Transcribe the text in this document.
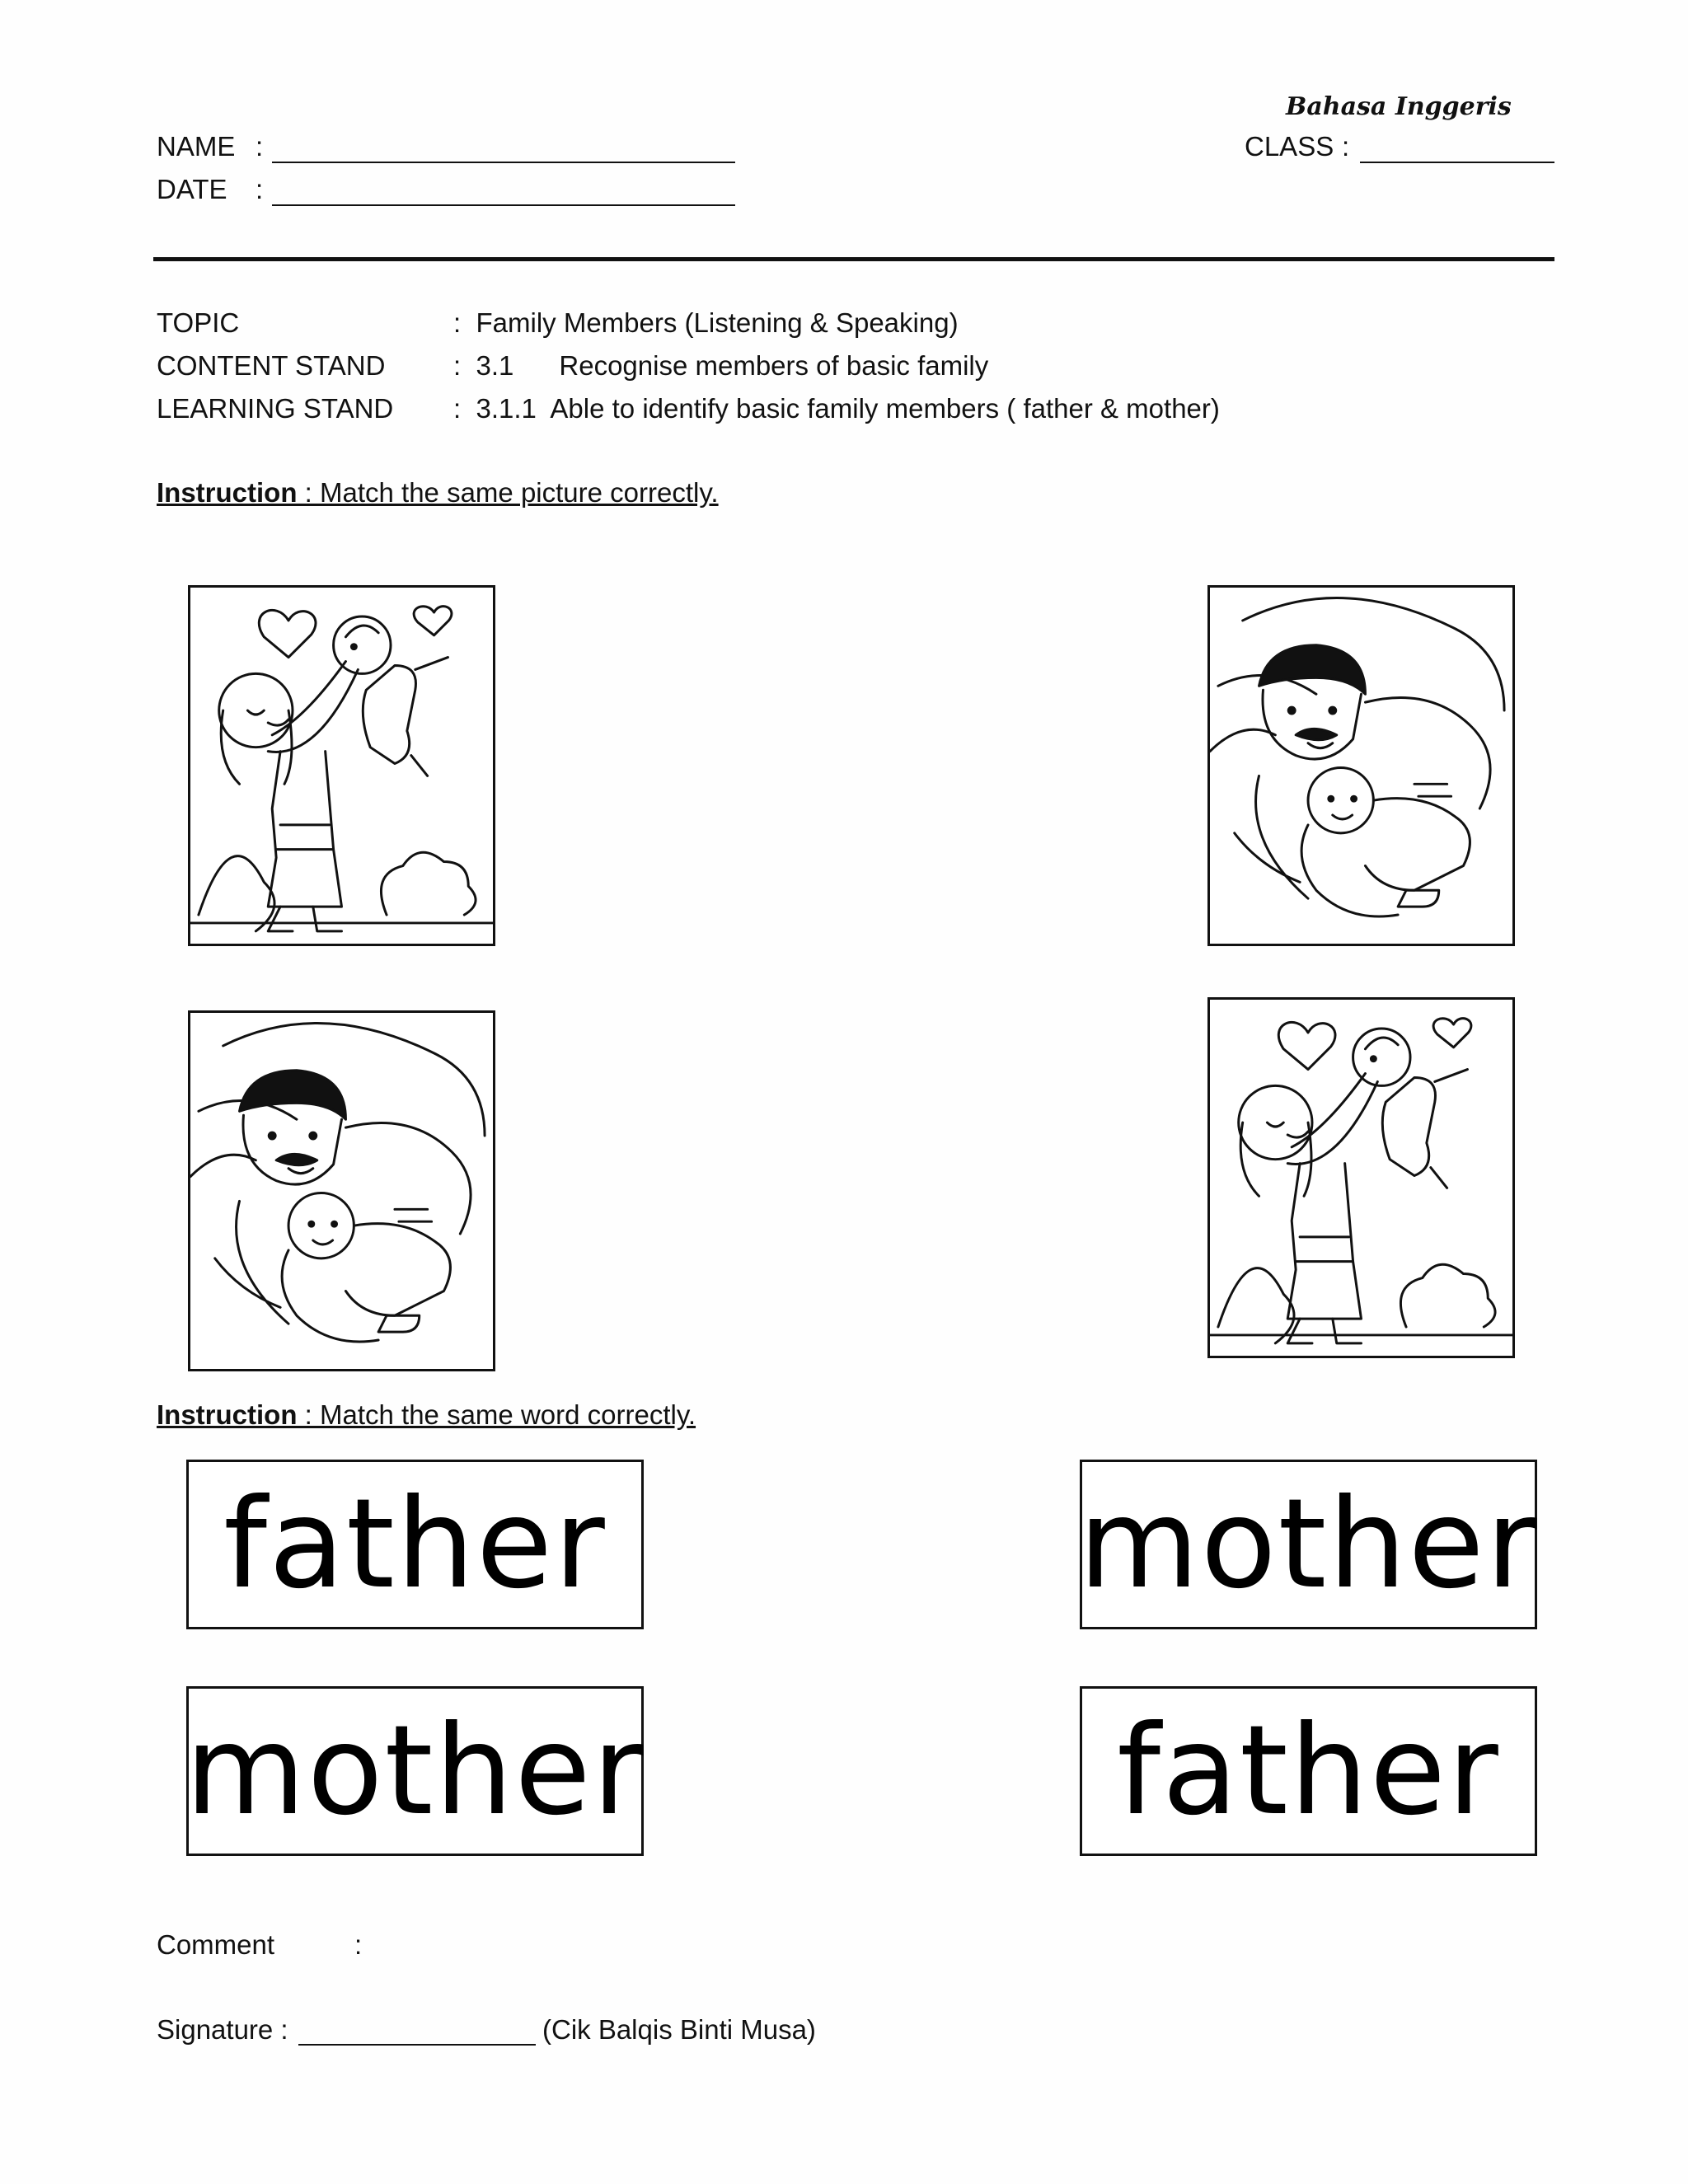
Bahasa Inggeris
NAME :
DATE :
CLASS :
TOPIC	:  Family Members (Listening & Speaking)
CONTENT STAND	:  3.1      Recognise members of basic family
LEARNING STAND :  3.1.1  Able to identify basic family members ( father & mother)
Instruction : Match the same picture correctly.
Instruction : Match the same word correctly.
father
mother
mother
father
Comment	:
Signature :	(Cik Balqis Binti Musa)
